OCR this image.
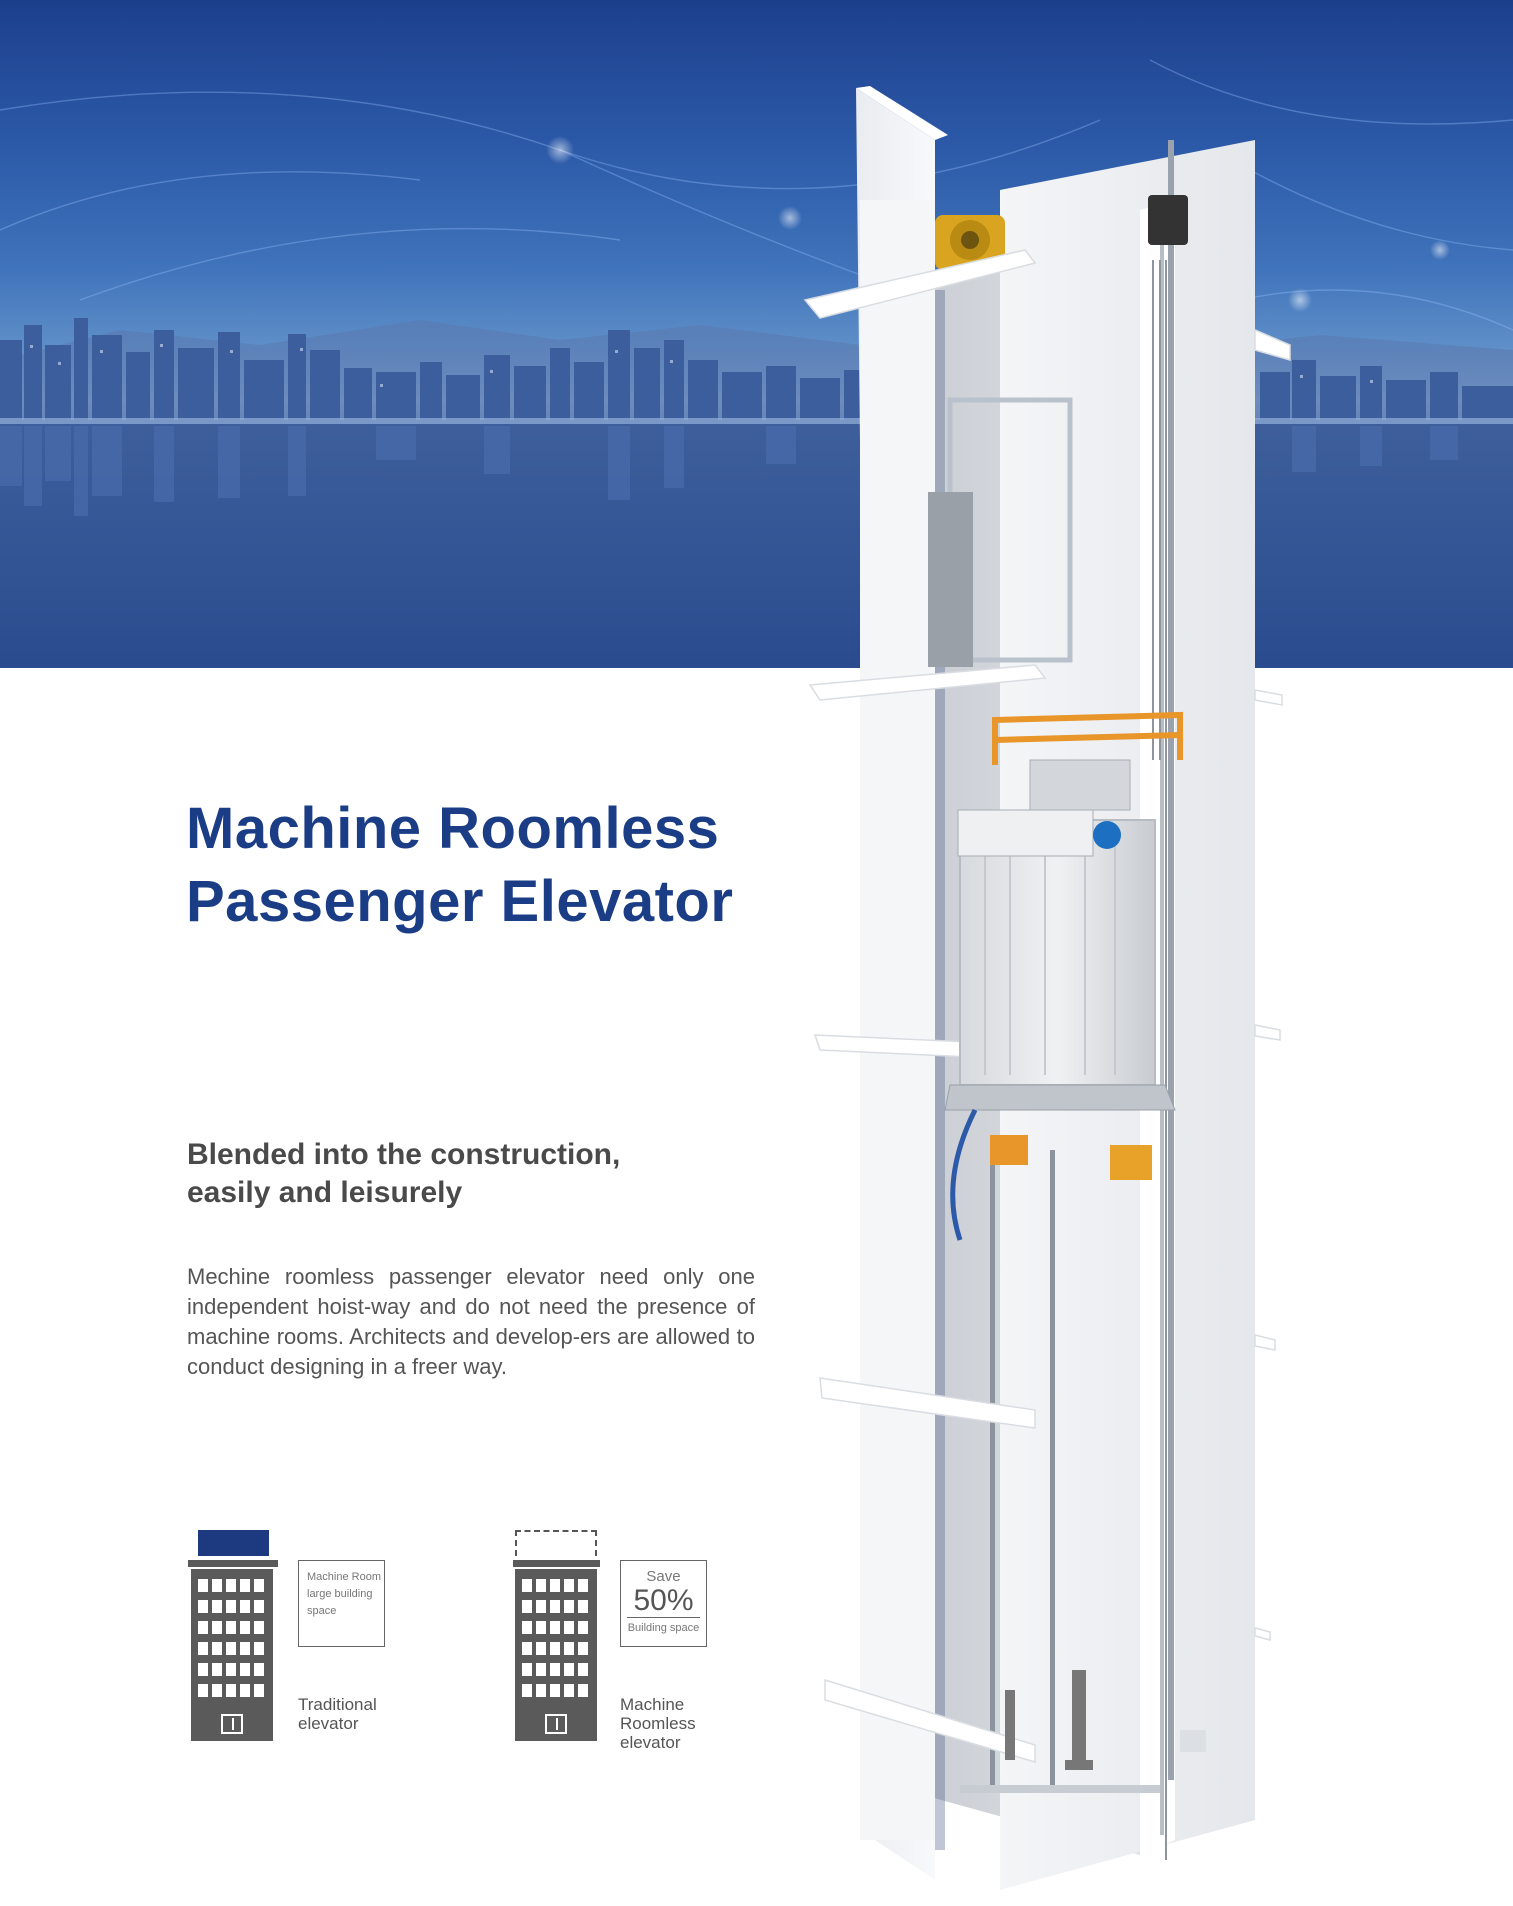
Machine Roomless
Passenger Elevator
Blended into the construction,
easily and leisurely

Mechine roomless passenger elevator need only one independent hoist-way and do not need the presence of machine rooms. Architects and develop-ers are allowed to conduct designing in a freer way.

Machine Room
large building
space
Traditional elevator
Save
50%
Building space
Machine
Roomless elevator
